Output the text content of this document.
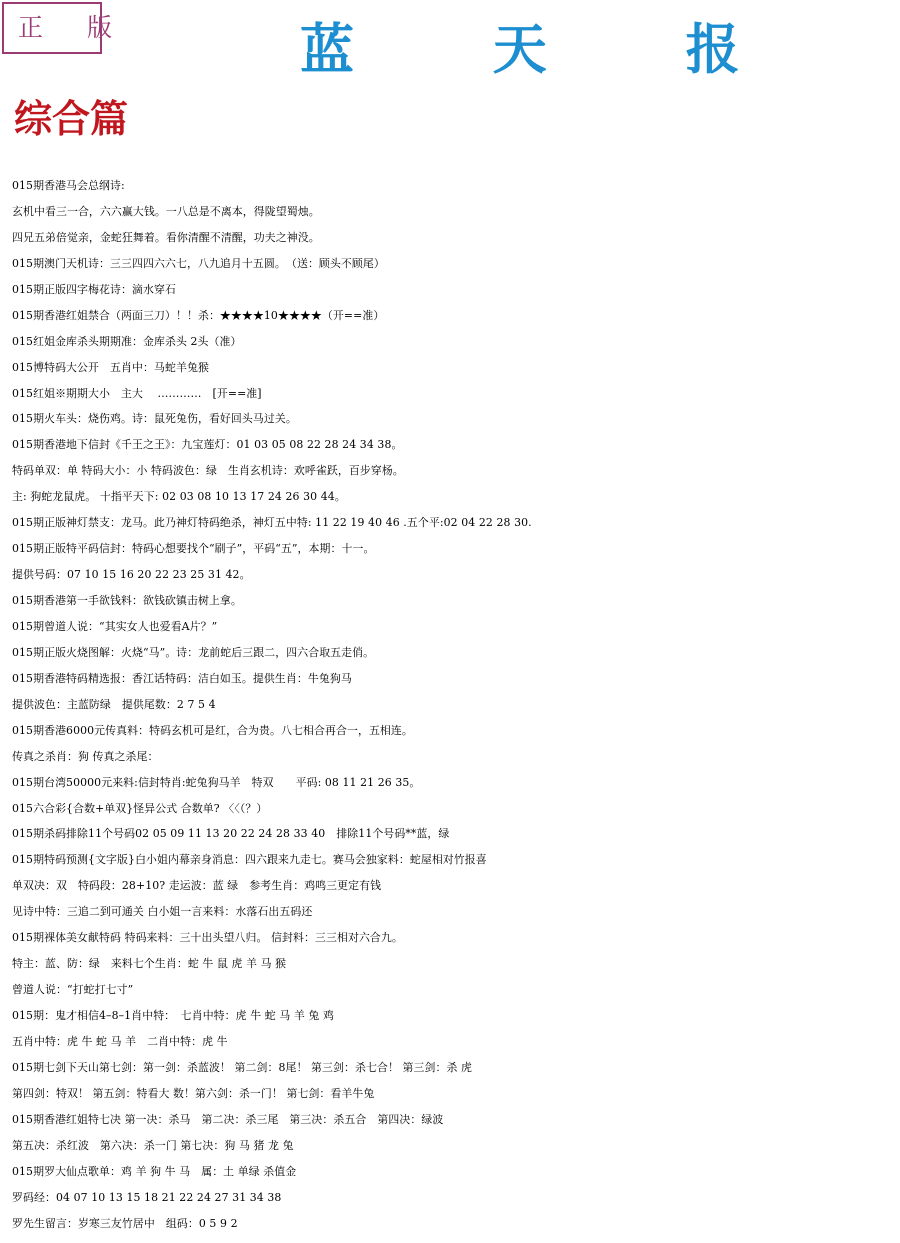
正 版	蓝 天 报
综合篇
015期香港马会总纲诗:
玄机中看三一合，六六赢大钱。一八总是不离本，得陇望蜀烛。
四兄五弟倍觉亲，金蛇狂舞着。看你清醒不清醒，功夫之神没。
015期澳门天机诗：三三四四六六七，八九追月十五圆。　（送：顾头不顾尾）
015期正版四字梅花诗：滴水穿石
015期香港红姐禁合（两面三刀）！！杀：★★★★10★★★★（开==准）
015红姐金库杀头期期准：金库杀头 2头（准）
015博特码大公开　五肖中：马蛇羊兔猴
015红姐※期期大小　主大　 …………　[开==准]
015期火车头：烧伤鸡。诗：鼠死兔伤，看好回头马过关。
015期香港地下信封《千王之王》：九宝莲灯：01 03 05 08 22 28 24 34 38。
特码单双：单 特码大小：小 特码波色：绿　生肖玄机诗：欢呼雀跃，百步穿杨。
主: 狗蛇龙鼠虎。 十指平天下: 02 03 08 10 13 17 24 26 30 44。
015期正版神灯禁支：龙马。此乃神灯特码绝杀，神灯五中特: 11 22 19 40 46 .五个平:02 04 22 28 30.
015期正版特平码信封：特码心想要找个“刷子”，平码“五”，本期：十一。
提供号码：07 10 15 16 20 22 23 25 31 42。
015期香港第一手欲钱料：欲钱砍镇击树上拿。
015期曾道人说：“其实女人也爱看A片？”
015期正版火烧图解：火烧“马”。诗：龙前蛇后三跟二，四六合取五走俏。
015期香港特码精选报：香江话特码：洁白如玉。提供生肖：牛兔狗马
提供波色：主蓝防绿　提供尾数：2 7 5 4
015期香港6000元传真料：特码玄机可是红，合为贵。八七相合再合一，五相连。
传真之杀肖：狗 传真之杀尾：
015期台湾50000元来料:信封特肖:蛇兔狗马羊　特双　　平码: 08 11 21 26 35。
015六合彩{合数+单双}怪异公式 合数单? 〈〈（？）
015期杀码排除11个号码02 05 09 11 13 20 22 24 28 33 40　排除11个号码**蓝，绿
015期特码预测{文字版}白小姐内幕亲身消息：四六跟来九走七。赛马会独家料：蛇屋相对竹报喜
单双决：双　特码段：28+10? 走运波：蓝 绿　参考生肖：鸡鸣三更定有钱
见诗中特：三追二到可通关 白小姐一言来料：水落石出五码还
015期裸体美女献特码 特码来料：三十出头望八归。 信封料：三三相对六合九。
特主：蓝、防：绿　来料七个生肖：蛇 牛 鼠 虎 羊 马 猴
曾道人说：“打蛇打七寸”
015期：鬼才相信4–8–1肖中特：　七肖中特：虎 牛 蛇 马 羊 兔 鸡
五肖中特：虎 牛 蛇 马 羊　二肖中特：虎 牛
015期七剑下天山第七剑：第一剑：杀蓝波！ 第二剑：8尾！ 第三剑：杀七合！ 第三剑：杀 虎
第四剑：特双！ 第五剑：特看大 数！第六剑：杀一门！ 第七剑：看羊牛兔
015期香港红姐特七决 第一决：杀马　第二决：杀三尾　第三决：杀五合　第四决：绿波
第五决：杀红波　第六决：杀一门 第七决：狗 马 猪 龙 兔
015期罗大仙点歌单：鸡 羊 狗 牛 马　属：土 单绿 杀值金
罗码经：04 07 10 13 15 18 21 22 24 27 31 34 38
罗先生留言：岁寒三友竹居中　组码：0 5 9 2
